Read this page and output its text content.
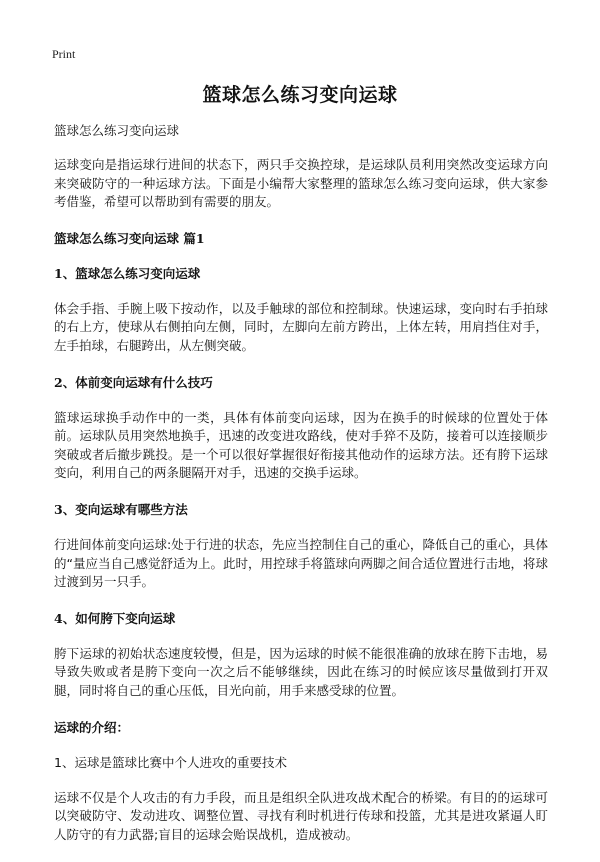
Print
篮球怎么练习变向运球
篮球怎么练习变向运球
运球变向是指运球行进间的状态下，两只手交换控球，是运球队员利用突然改变运球方向来突破防守的一种运球方法。下面是小编帮大家整理的篮球怎么练习变向运球，供大家参考借鉴，希望可以帮助到有需要的朋友。
篮球怎么练习变向运球 篇1
1、篮球怎么练习变向运球
体会手指、手腕上吸下按动作，以及手触球的部位和控制球。快速运球，变向时右手拍球的右上方，使球从右侧拍向左侧，同时，左脚向左前方跨出，上体左转，用肩挡住对手，左手拍球，右腿跨出，从左侧突破。
2、体前变向运球有什么技巧
篮球运球换手动作中的一类，具体有体前变向运球，因为在换手的时候球的位置处于体前。运球队员用突然地换手，迅速的改变进攻路线，使对手猝不及防，接着可以连接顺步突破或者后撤步跳投。是一个可以很好掌握很好衔接其他动作的运球方法。还有胯下运球变向，利用自己的两条腿隔开对手，迅速的交换手运球。
3、变向运球有哪些方法
行进间体前变向运球:处于行进的状态，先应当控制住自己的重心，降低自己的重心，具体的“量应当自己感觉舒适为上。此时，用控球手将篮球向两脚之间合适位置进行击地，将球过渡到另一只手。
4、如何胯下变向运球
胯下运球的初始状态速度较慢，但是，因为运球的时候不能很准确的放球在胯下击地，易导致失败或者是胯下变向一次之后不能够继续，因此在练习的时候应该尽量做到打开双腿，同时将自己的重心压低，目光向前，用手来感受球的位置。
运球的介绍：
1、运球是篮球比赛中个人进攻的重要技术
运球不仅是个人攻击的有力手段，而且是组织全队进攻战术配合的桥梁。有目的的运球可以突破防守、发动进攻、调整位置、寻找有利时机进行传球和投篮，尤其是进攻紧逼人盯人防守的有力武器;盲目的运球会贻误战机，造成被动。
